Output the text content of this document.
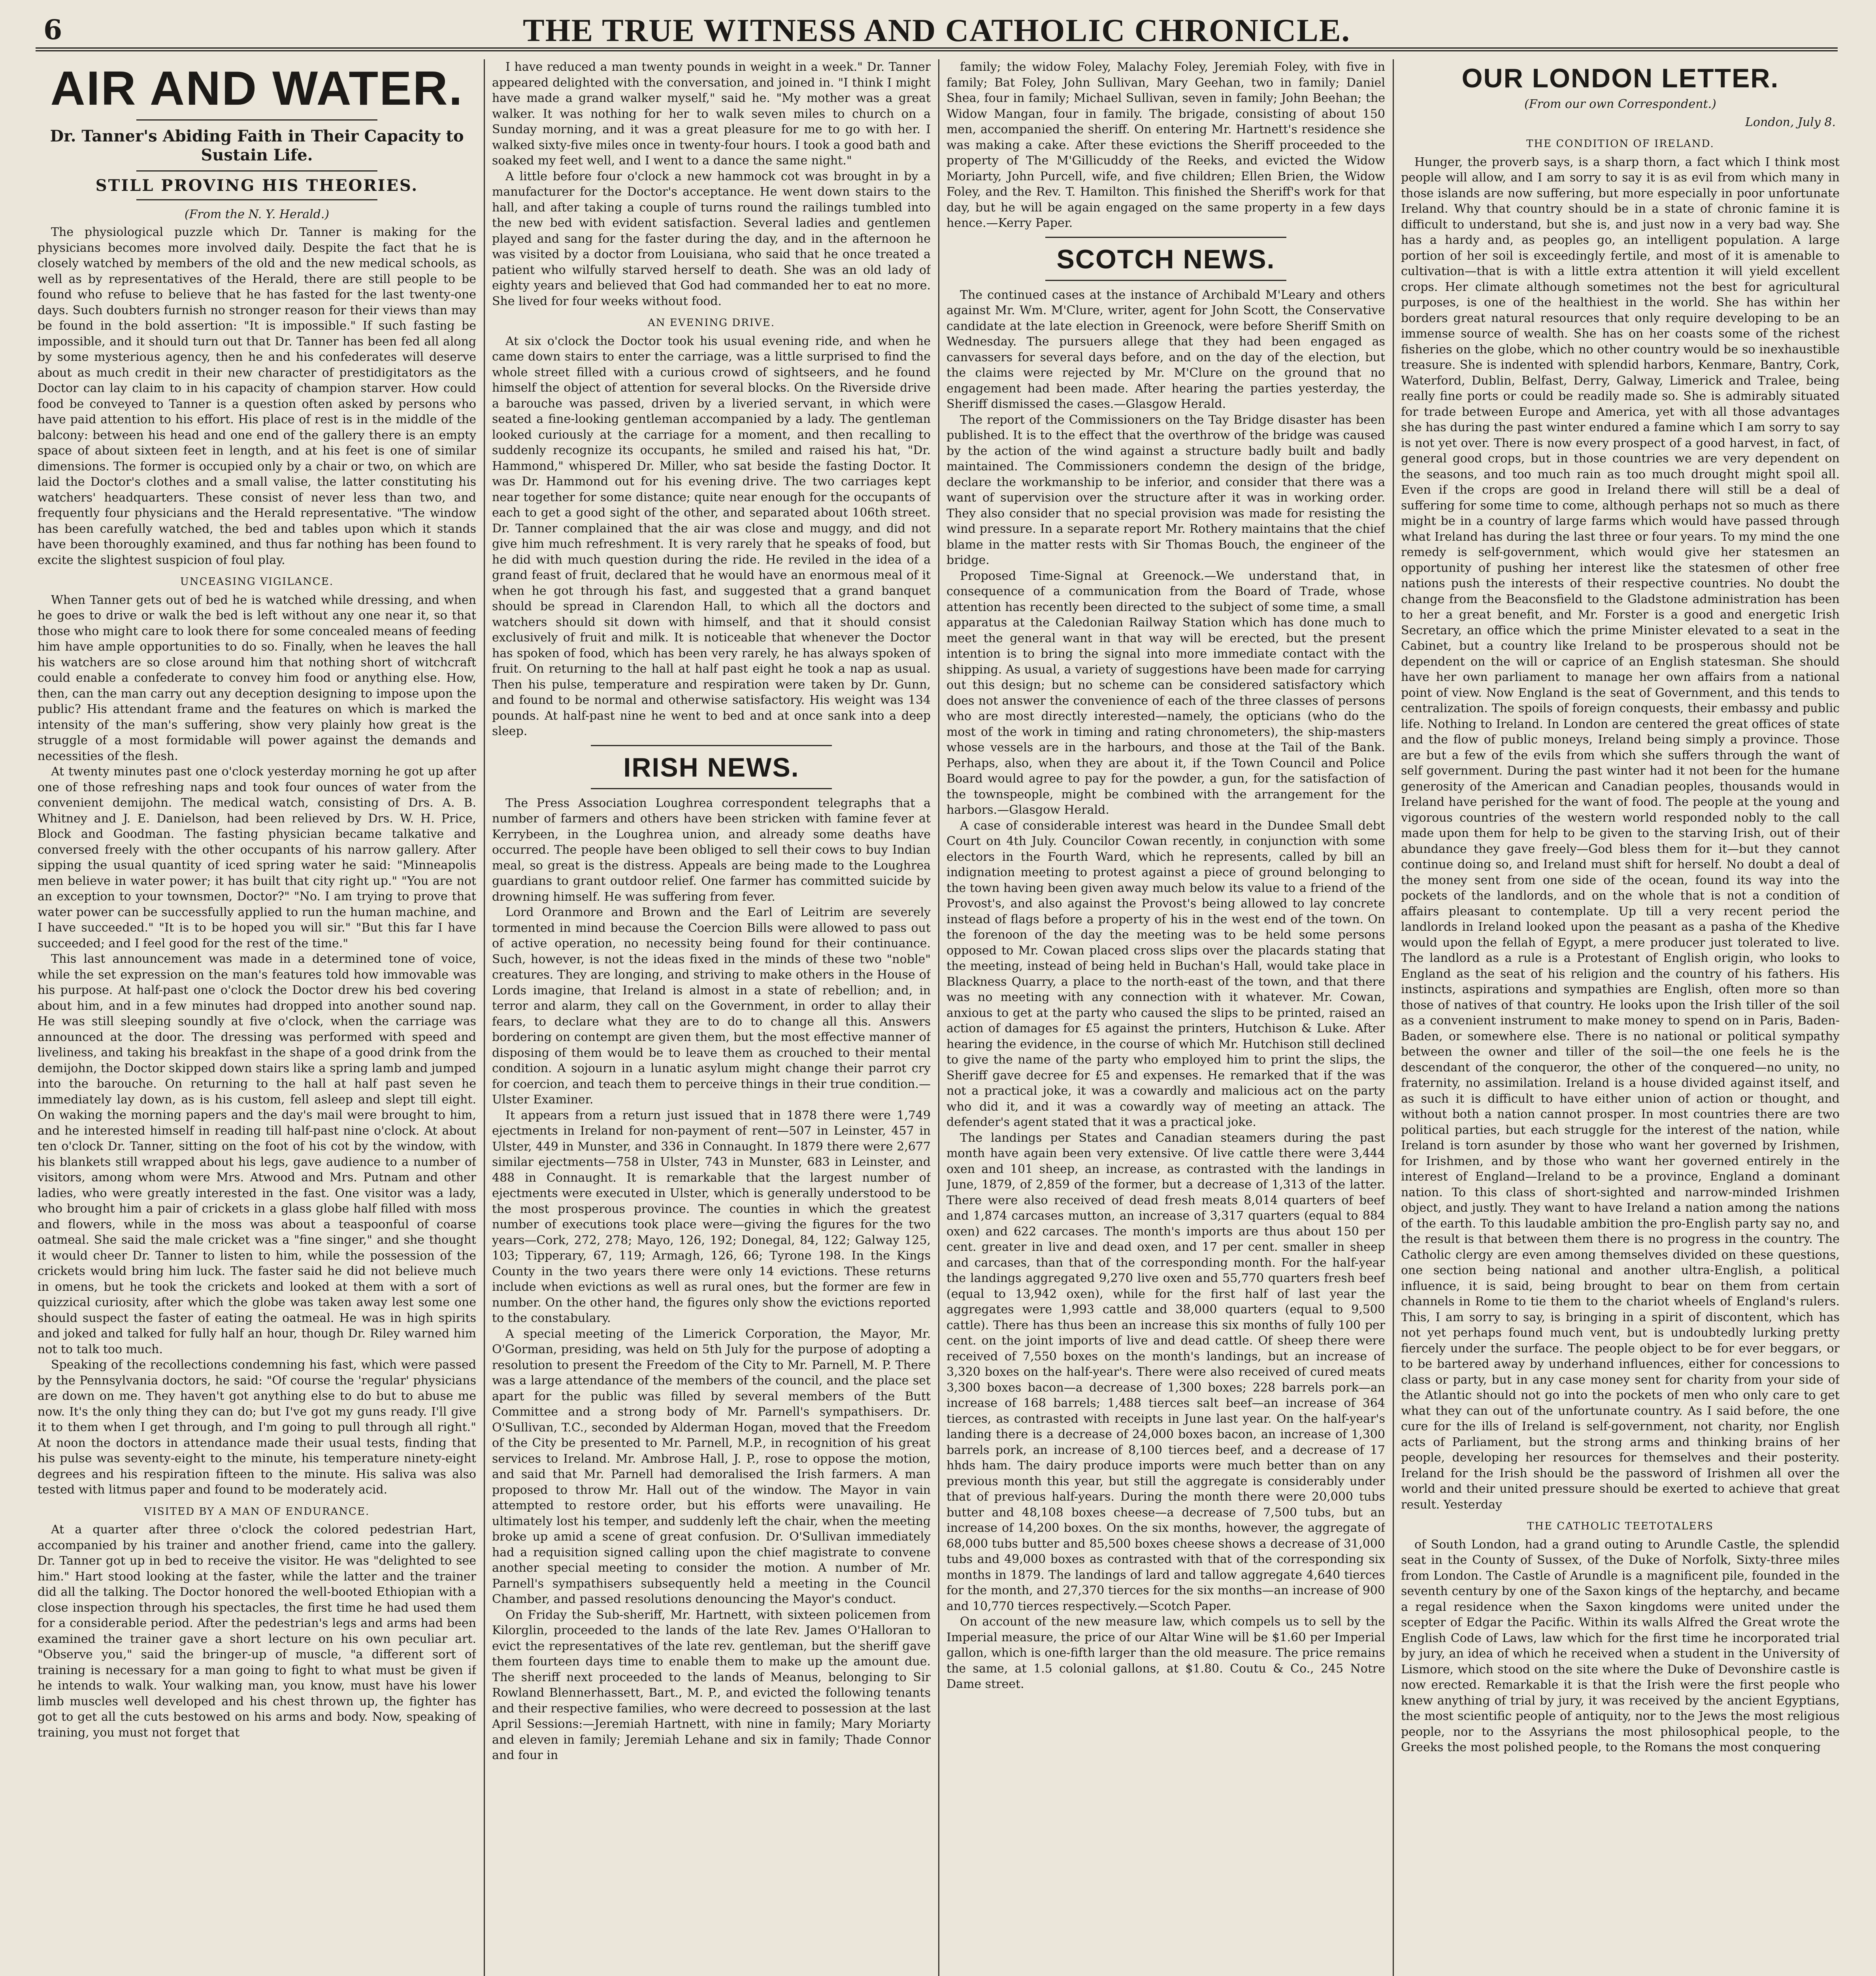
6	THE TRUE WITNESS AND CATHOLIC CHRONICLE.
AIR AND WATER.
Dr. Tanner's Abiding Faith in Their Capacity to Sustain Life.
STILL PROVING HIS THEORIES.
(From the N. Y. Herald.)

The physiological puzzle which Dr. Tanner is making for the physicians becomes more involved daily. Despite the fact that he is closely watched by members of the old and the new medical schools, as well as by representatives of the Herald, there are still people to be found who refuse to believe that he has fasted for the last twenty-one days. Such doubters furnish no stronger reason for their views than may be found in the bold assertion: "It is impossible." If such fasting be impossible, and it should turn out that Dr. Tanner has been fed all along by some mysterious agency, then he and his confederates will deserve about as much credit in their new character of prestidigitators as the Doctor can lay claim to in his capacity of champion starver. How could food be conveyed to Tanner is a question often asked by persons who have paid attention to his effort. His place of rest is in the middle of the balcony: between his head and one end of the gallery there is an empty space of about sixteen feet in length, and at his feet is one of similar dimensions. The former is occupied only by a chair or two, on which are laid the Doctor's clothes and a small valise, the latter constituting his watchers' headquarters. These consist of never less than two, and frequently four physicians and the Herald representative. "The window has been carefully watched, the bed and tables upon which it stands have been thoroughly examined, and thus far nothing has been found to excite the slightest suspicion of foul play.

UNCEASING VIGILANCE.

When Tanner gets out of bed he is watched while dressing, and when he goes to drive or walk the bed is left without any one near it, so that those who might care to look there for some concealed means of feeding him have ample opportunities to do so. Finally, when he leaves the hall his watchers are so close around him that nothing short of witchcraft could enable a confederate to convey him food or anything else. How, then, can the man carry out any deception designing to impose upon the public? His attendant frame and the features on which is marked the intensity of the man's suffering, show very plainly how great is the struggle of a most formidable will power against the demands and necessities of the flesh.

At twenty minutes past one o'clock yesterday morning he got up after one of those refreshing naps and took four ounces of water from the convenient demijohn. The medical watch, consisting of Drs. A. B. Whitney and J. E. Danielson, had been relieved by Drs. W. H. Price, Block and Goodman. The fasting physician became talkative and conversed freely with the other occupants of his narrow gallery. After sipping the usual quantity of iced spring water he said: "Minneapolis men believe in water power; it has built that city right up." "You are not an exception to your townsmen, Doctor?" "No. I am trying to prove that water power can be successfully applied to run the human machine, and I have succeeded." "It is to be hoped you will sir." "But this far I have succeeded; and I feel good for the rest of the time."

This last announcement was made in a determined tone of voice, while the set expression on the man's features told how immovable was his purpose. At half-past one o'clock the Doctor drew his bed covering about him, and in a few minutes had dropped into another sound nap. He was still sleeping soundly at five o'clock, when the carriage was announced at the door. The dressing was performed with speed and liveliness, and taking his breakfast in the shape of a good drink from the demijohn, the Doctor skipped down stairs like a spring lamb and jumped into the barouche. On returning to the hall at half past seven he immediately lay down, as is his custom, fell asleep and slept till eight. On waking the morning papers and the day's mail were brought to him, and he interested himself in reading till half-past nine o'clock. At about ten o'clock Dr. Tanner, sitting on the foot of his cot by the window, with his blankets still wrapped about his legs, gave audience to a number of visitors, among whom were Mrs. Atwood and Mrs. Putnam and other ladies, who were greatly interested in the fast. One visitor was a lady, who brought him a pair of crickets in a glass globe half filled with moss and flowers, while in the moss was about a teaspoonful of coarse oatmeal. She said the male cricket was a "fine singer," and she thought it would cheer Dr. Tanner to listen to him, while the possession of the crickets would bring him luck. The faster said he did not believe much in omens, but he took the crickets and looked at them with a sort of quizzical curiosity, after which the globe was taken away lest some one should suspect the faster of eating the oatmeal. He was in high spirits and joked and talked for fully half an hour, though Dr. Riley warned him not to talk too much.

Speaking of the recollections condemning his fast, which were passed by the Pennsylvania doctors, he said: "Of course the 'regular' physicians are down on me. They haven't got anything else to do but to abuse me now. It's the only thing they can do; but I've got my guns ready. I'll give it to them when I get through, and I'm going to pull through all right." At noon the doctors in attendance made their usual tests, finding that his pulse was seventy-eight to the minute, his temperature ninety-eight degrees and his respiration fifteen to the minute. His saliva was also tested with litmus paper and found to be moderately acid.

VISITED BY A MAN OF ENDURANCE.

At a quarter after three o'clock the colored pedestrian Hart, accompanied by his trainer and another friend, came into the gallery. Dr. Tanner got up in bed to receive the visitor. He was "delighted to see him." Hart stood looking at the faster, while the latter and the trainer did all the talking. The Doctor honored the well-booted Ethiopian with a close inspection through his spectacles, the first time he had used them for a considerable period. After the pedestrian's legs and arms had been examined the trainer gave a short lecture on his own peculiar art. "Observe you," said the bringer-up of muscle, "a different sort of training is necessary for a man going to fight to what must be given if he intends to walk. Your walking man, you know, must have his lower limb muscles well developed and his chest thrown up, the fighter has got to get all the cuts bestowed on his arms and body. Now, speaking of training, you must not forget that

I have reduced a man twenty pounds in weight in a week." Dr. Tanner appeared delighted with the conversation, and joined in. "I think I might have made a grand walker myself," said he. "My mother was a great walker. It was nothing for her to walk seven miles to church on a Sunday morning, and it was a great pleasure for me to go with her. I walked sixty-five miles once in twenty-four hours. I took a good bath and soaked my feet well, and I went to a dance the same night."

A little before four o'clock a new hammock cot was brought in by a manufacturer for the Doctor's acceptance. He went down stairs to the hall, and after taking a couple of turns round the railings tumbled into the new bed with evident satisfaction. Several ladies and gentlemen played and sang for the faster during the day, and in the afternoon he was visited by a doctor from Louisiana, who said that he once treated a patient who wilfully starved herself to death. She was an old lady of eighty years and believed that God had commanded her to eat no more. She lived for four weeks without food.

AN EVENING DRIVE.

At six o'clock the Doctor took his usual evening ride, and when he came down stairs to enter the carriage, was a little surprised to find the whole street filled with a curious crowd of sightseers, and he found himself the object of attention for several blocks. On the Riverside drive a barouche was passed, driven by a liveried servant, in which were seated a fine-looking gentleman accompanied by a lady. The gentleman looked curiously at the carriage for a moment, and then recalling to suddenly recognize its occupants, he smiled and raised his hat, "Dr. Hammond," whispered Dr. Miller, who sat beside the fasting Doctor. It was Dr. Hammond out for his evening drive. The two carriages kept near together for some distance; quite near enough for the occupants of each to get a good sight of the other, and separated about 106th street. Dr. Tanner complained that the air was close and muggy, and did not give him much refreshment. It is very rarely that he speaks of food, but he did with much question during the ride. He reviled in the idea of a grand feast of fruit, declared that he would have an enormous meal of it when he got through his fast, and suggested that a grand banquet should be spread in Clarendon Hall, to which all the doctors and watchers should sit down with himself, and that it should consist exclusively of fruit and milk. It is noticeable that whenever the Doctor has spoken of food, which has been very rarely, he has always spoken of fruit. On returning to the hall at half past eight he took a nap as usual. Then his pulse, temperature and respiration were taken by Dr. Gunn, and found to be normal and otherwise satisfactory. His weight was 134 pounds. At half-past nine he went to bed and at once sank into a deep sleep.

IRISH NEWS.

The Press Association Loughrea correspondent telegraphs that a number of farmers and others have been stricken with famine fever at Kerrybeen, in the Loughrea union, and already some deaths have occurred. The people have been obliged to sell their cows to buy Indian meal, so great is the distress. Appeals are being made to the Loughrea guardians to grant outdoor relief. One farmer has committed suicide by drowning himself. He was suffering from fever.

Lord Oranmore and Brown and the Earl of Leitrim are severely tormented in mind because the Coercion Bills were allowed to pass out of active operation, no necessity being found for their continuance. Such, however, is not the ideas fixed in the minds of these two "noble" creatures. They are longing, and striving to make others in the House of Lords imagine, that Ireland is almost in a state of rebellion; and, in terror and alarm, they call on the Government, in order to allay their fears, to declare what they are to do to change all this. Answers bordering on contempt are given them, but the most effective manner of disposing of them would be to leave them as crouched to their mental condition. A sojourn in a lunatic asylum might change their parrot cry for coercion, and teach them to perceive things in their true condition.—Ulster Examiner.

It appears from a return just issued that in 1878 there were 1,749 ejectments in Ireland for non-payment of rent—507 in Leinster, 457 in Ulster, 449 in Munster, and 336 in Connaught. In 1879 there were 2,677 similar ejectments—758 in Ulster, 743 in Munster, 683 in Leinster, and 488 in Connaught. It is remarkable that the largest number of ejectments were executed in Ulster, which is generally understood to be the most prosperous province. The counties in which the greatest number of executions took place were—giving the figures for the two years—Cork, 272, 278; Mayo, 126, 192; Donegal, 84, 122; Galway 125, 103; Tipperary, 67, 119; Armagh, 126, 66; Tyrone 198. In the Kings County in the two years there were only 14 evictions. These returns include when evictions as well as rural ones, but the former are few in number. On the other hand, the figures only show the evictions reported to the constabulary.

A special meeting of the Limerick Corporation, the Mayor, Mr. O'Gorman, presiding, was held on 5th July for the purpose of adopting a resolution to present the Freedom of the City to Mr. Parnell, M. P. There was a large attendance of the members of the council, and the place set apart for the public was filled by several members of the Butt Committee and a strong body of Mr. Parnell's sympathisers. Dr. O'Sullivan, T.C., seconded by Alderman Hogan, moved that the Freedom of the City be presented to Mr. Parnell, M.P., in recognition of his great services to Ireland. Mr. Ambrose Hall, J. P., rose to oppose the motion, and said that Mr. Parnell had demoralised the Irish farmers. A man proposed to throw Mr. Hall out of the window. The Mayor in vain attempted to restore order, but his efforts were unavailing. He ultimately lost his temper, and suddenly left the chair, when the meeting broke up amid a scene of great confusion. Dr. O'Sullivan immediately had a requisition signed calling upon the chief magistrate to convene another special meeting to consider the motion. A number of Mr. Parnell's sympathisers subsequently held a meeting in the Council Chamber, and passed resolutions denouncing the Mayor's conduct.

On Friday the Sub-sheriff, Mr. Hartnett, with sixteen policemen from Kilorglin, proceeded to the lands of the late Rev. James O'Halloran to evict the representatives of the late rev. gentleman, but the sheriff gave them fourteen days time to enable them to make up the amount due. The sheriff next proceeded to the lands of Meanus, belonging to Sir Rowland Blennerhassett, Bart., M. P., and evicted the following tenants and their respective families, who were decreed to possession at the last April Sessions:—Jeremiah Hartnett, with nine in family; Mary Moriarty and eleven in family; Jeremiah Lehane and six in family; Thade Connor and four in

family; the widow Foley, Malachy Foley, Jeremiah Foley, with five in family; Bat Foley, John Sullivan, Mary Geehan, two in family; Daniel Shea, four in family; Michael Sullivan, seven in family; John Beehan; the Widow Mangan, four in family. The brigade, consisting of about 150 men, accompanied the sheriff. On entering Mr. Hartnett's residence she was making a cake. After these evictions the Sheriff proceeded to the property of The M'Gillicuddy of the Reeks, and evicted the Widow Moriarty, John Purcell, wife, and five children; Ellen Brien, the Widow Foley, and the Rev. T. Hamilton. This finished the Sheriff's work for that day, but he will be again engaged on the same property in a few days hence.—Kerry Paper.

SCOTCH NEWS.

The continued cases at the instance of Archibald M'Leary and others against Mr. Wm. M'Clure, writer, agent for John Scott, the Conservative candidate at the late election in Greenock, were before Sheriff Smith on Wednesday. The pursuers allege that they had been engaged as canvassers for several days before, and on the day of the election, but the claims were rejected by Mr. M'Clure on the ground that no engagement had been made. After hearing the parties yesterday, the Sheriff dismissed the cases.—Glasgow Herald.

The report of the Commissioners on the Tay Bridge disaster has been published. It is to the effect that the overthrow of the bridge was caused by the action of the wind against a structure badly built and badly maintained. The Commissioners condemn the design of the bridge, declare the workmanship to be inferior, and consider that there was a want of supervision over the structure after it was in working order. They also consider that no special provision was made for resisting the wind pressure. In a separate report Mr. Rothery maintains that the chief blame in the matter rests with Sir Thomas Bouch, the engineer of the bridge.

Proposed Time-Signal at Greenock.—We understand that, in consequence of a communication from the Board of Trade, whose attention has recently been directed to the subject of some time, a small apparatus at the Caledonian Railway Station which has done much to meet the general want in that way will be erected, but the present intention is to bring the signal into more immediate contact with the shipping. As usual, a variety of suggestions have been made for carrying out this design; but no scheme can be considered satisfactory which does not answer the convenience of each of the three classes of persons who are most directly interested—namely, the opticians (who do the most of the work in timing and rating chronometers), the ship-masters whose vessels are in the harbours, and those at the Tail of the Bank. Perhaps, also, when they are about it, if the Town Council and Police Board would agree to pay for the powder, a gun, for the satisfaction of the townspeople, might be combined with the arrangement for the harbors.—Glasgow Herald.

A case of considerable interest was heard in the Dundee Small debt Court on 4th July. Councilor Cowan recently, in conjunction with some electors in the Fourth Ward, which he represents, called by bill an indignation meeting to protest against a piece of ground belonging to the town having been given away much below its value to a friend of the Provost's, and also against the Provost's being allowed to lay concrete instead of flags before a property of his in the west end of the town. On the forenoon of the day the meeting was to be held some persons opposed to Mr. Cowan placed cross slips over the placards stating that the meeting, instead of being held in Buchan's Hall, would take place in Blackness Quarry, a place to the north-east of the town, and that there was no meeting with any connection with it whatever. Mr. Cowan, anxious to get at the party who caused the slips to be printed, raised an action of damages for £5 against the printers, Hutchison & Luke. After hearing the evidence, in the course of which Mr. Hutchison still declined to give the name of the party who employed him to print the slips, the Sheriff gave decree for £5 and expenses. He remarked that if the was not a practical joke, it was a cowardly and malicious act on the party who did it, and it was a cowardly way of meeting an attack. The defender's agent stated that it was a practical joke.

The landings per States and Canadian steamers during the past month have again been very extensive. Of live cattle there were 3,444 oxen and 101 sheep, an increase, as contrasted with the landings in June, 1879, of 2,859 of the former, but a decrease of 1,313 of the latter. There were also received of dead fresh meats 8,014 quarters of beef and 1,874 carcases mutton, an increase of 3,317 quarters (equal to 884 oxen) and 622 carcases. The month's imports are thus about 150 per cent. greater in live and dead oxen, and 17 per cent. smaller in sheep and carcases, than that of the corresponding month. For the half-year the landings aggregated 9,270 live oxen and 55,770 quarters fresh beef (equal to 13,942 oxen), while for the first half of last year the aggregates were 1,993 cattle and 38,000 quarters (equal to 9,500 cattle). There has thus been an increase this six months of fully 100 per cent. on the joint imports of live and dead cattle. Of sheep there were received of 7,550 boxes on the month's landings, but an increase of 3,320 boxes on the half-year's. There were also received of cured meats 3,300 boxes bacon—a decrease of 1,300 boxes; 228 barrels pork—an increase of 168 barrels; 1,488 tierces salt beef—an increase of 364 tierces, as contrasted with receipts in June last year. On the half-year's landing there is a decrease of 24,000 boxes bacon, an increase of 1,300 barrels pork, an increase of 8,100 tierces beef, and a decrease of 17 hhds ham. The dairy produce imports were much better than on any previous month this year, but still the aggregate is considerably under that of previous half-years. During the month there were 20,000 tubs butter and 48,108 boxes cheese—a decrease of 7,500 tubs, but an increase of 14,200 boxes. On the six months, however, the aggregate of 68,000 tubs butter and 85,500 boxes cheese shows a decrease of 31,000 tubs and 49,000 boxes as contrasted with that of the corresponding six months in 1879. The landings of lard and tallow aggregate 4,640 tierces for the month, and 27,370 tierces for the six months—an increase of 900 and 10,770 tierces respectively.—Scotch Paper.

On account of the new measure law, which compels us to sell by the Imperial measure, the price of our Altar Wine will be $1.60 per Imperial gallon, which is one-fifth larger than the old measure. The price remains the same, at 1.5 colonial gallons, at $1.80. Coutu & Co., 245 Notre Dame street.

OUR LONDON LETTER.
(From our own Correspondent.)
London, July 8.
THE CONDITION OF IRELAND.

Hunger, the proverb says, is a sharp thorn, a fact which I think most people will allow, and I am sorry to say it is as evil from which many in those islands are now suffering, but more especially in poor unfortunate Ireland. Why that country should be in a state of chronic famine it is difficult to understand, but she is, and just now in a very bad way. She has a hardy and, as peoples go, an intelligent population. A large portion of her soil is exceedingly fertile, and most of it is amenable to cultivation—that is with a little extra attention it will yield excellent crops. Her climate although sometimes not the best for agricultural purposes, is one of the healthiest in the world. She has within her borders great natural resources that only require developing to be an immense source of wealth. She has on her coasts some of the richest fisheries on the globe, which no other country would be so inexhaustible treasure. She is indented with splendid harbors, Kenmare, Bantry, Cork, Waterford, Dublin, Belfast, Derry, Galway, Limerick and Tralee, being really fine ports or could be readily made so. She is admirably situated for trade between Europe and America, yet with all those advantages she has during the past winter endured a famine which I am sorry to say is not yet over. There is now every prospect of a good harvest, in fact, of general good crops, but in those countries we are very dependent on the seasons, and too much rain as too much drought might spoil all. Even if the crops are good in Ireland there will still be a deal of suffering for some time to come, although perhaps not so much as there might be in a country of large farms which would have passed through what Ireland has during the last three or four years. To my mind the one remedy is self-government, which would give her statesmen an opportunity of pushing her interest like the statesmen of other free nations push the interests of their respective countries. No doubt the change from the Beaconsfield to the Gladstone administration has been to her a great benefit, and Mr. Forster is a good and energetic Irish Secretary, an office which the prime Minister elevated to a seat in the Cabinet, but a country like Ireland to be prosperous should not be dependent on the will or caprice of an English statesman. She should have her own parliament to manage her own affairs from a national point of view. Now England is the seat of Government, and this tends to centralization. The spoils of foreign conquests, their embassy and public life. Nothing to Ireland. In London are centered the great offices of state and the flow of public moneys, Ireland being simply a province. Those are but a few of the evils from which she suffers through the want of self government. During the past winter had it not been for the humane generosity of the American and Canadian peoples, thousands would in Ireland have perished for the want of food. The people at the young and vigorous countries of the western world responded nobly to the call made upon them for help to be given to the starving Irish, out of their abundance they gave freely—God bless them for it—but they cannot continue doing so, and Ireland must shift for herself. No doubt a deal of the money sent from one side of the ocean, found its way into the pockets of the landlords, and on the whole that is not a condition of affairs pleasant to contemplate. Up till a very recent period the landlords in Ireland looked upon the peasant as a pasha of the Khedive would upon the fellah of Egypt, a mere producer just tolerated to live. The landlord as a rule is a Protestant of English origin, who looks to England as the seat of his religion and the country of his fathers. His instincts, aspirations and sympathies are English, often more so than those of natives of that country. He looks upon the Irish tiller of the soil as a convenient instrument to make money to spend on in Paris, Baden-Baden, or somewhere else. There is no national or political sympathy between the owner and tiller of the soil—the one feels he is the descendant of the conqueror, the other of the conquered—no unity, no fraternity, no assimilation. Ireland is a house divided against itself, and as such it is difficult to have either union of action or thought, and without both a nation cannot prosper. In most countries there are two political parties, but each struggle for the interest of the nation, while Ireland is torn asunder by those who want her governed by Irishmen, for Irishmen, and by those who want her governed entirely in the interest of England—Ireland to be a province, England a dominant nation. To this class of short-sighted and narrow-minded Irishmen object, and justly. They want to have Ireland a nation among the nations of the earth. To this laudable ambition the pro-English party say no, and the result is that between them there is no progress in the country. The Catholic clergy are even among themselves divided on these questions, one section being national and another ultra-English, a political influence, it is said, being brought to bear on them from certain channels in Rome to tie them to the chariot wheels of England's rulers. This, I am sorry to say, is bringing in a spirit of discontent, which has not yet perhaps found much vent, but is undoubtedly lurking pretty fiercely under the surface. The people object to be for ever beggars, or to be bartered away by underhand influences, either for concessions to class or party, but in any case money sent for charity from your side of the Atlantic should not go into the pockets of men who only care to get what they can out of the unfortunate country. As I said before, the one cure for the ills of Ireland is self-government, not charity, nor English acts of Parliament, but the strong arms and thinking brains of her people, developing her resources for themselves and their posterity. Ireland for the Irish should be the password of Irishmen all over the world and their united pressure should be exerted to achieve that great result. Yesterday

THE CATHOLIC TEETOTALERS

of South London, had a grand outing to Arundle Castle, the splendid seat in the County of Sussex, of the Duke of Norfolk, Sixty-three miles from London. The Castle of Arundle is a magnificent pile, founded in the seventh century by one of the Saxon kings of the heptarchy, and became a regal residence when the Saxon kingdoms were united under the scepter of Edgar the Pacific. Within its walls Alfred the Great wrote the English Code of Laws, law which for the first time he incorporated trial by jury, an idea of which he received when a student in the University of Lismore, which stood on the site where the Duke of Devonshire castle is now erected. Remarkable it is that the Irish were the first people who knew anything of trial by jury, it was received by the ancient Egyptians, the most scientific people of antiquity, nor to the Jews the most religious people, nor to the Assyrians the most philosophical people, to the Greeks the most polished people, to the Romans the most conquering
